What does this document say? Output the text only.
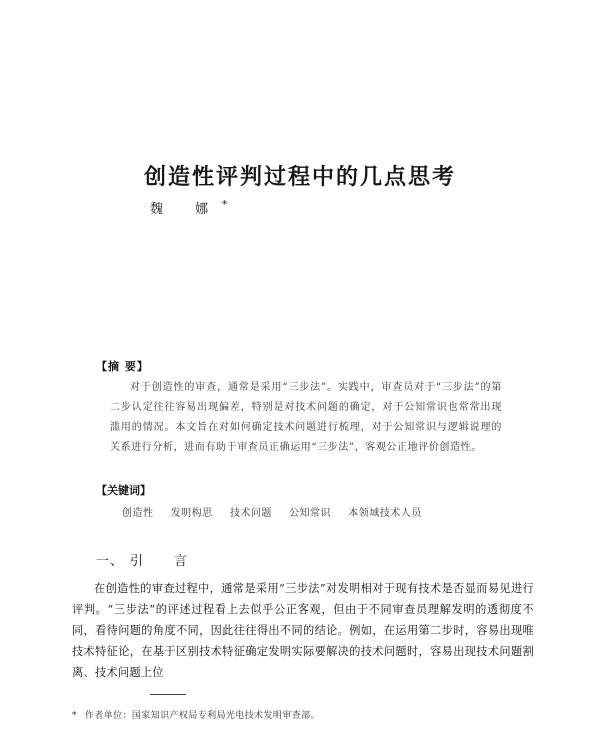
创造性评判过程中的几点思考
魏 娜*
【摘 要】

对于创造性的审查，通常是采用“三步法”。实践中，审查员对于“三步法”的第二步认定往往容易出现偏差，特别是对技术问题的确定，对于公知常识也常常出现滥用的情况。本文旨在对如何确定技术问题进行梳理，对于公知常识与逻辑说理的关系进行分析，进而有助于审查员正确运用“三步法”，客观公正地评价创造性。

【关键词】
创造性 发明构思 技术问题 公知常识 本领域技术人员
一、 引 言

在创造性的审查过程中，通常是采用“三步法”对发明相对于现有技术是否显而易见进行评判。“三步法”的评述过程看上去似乎公正客观，但由于不同审查员理解发明的透彻度不同，看待问题的角度不同，因此往往得出不同的结论。例如，在运用第二步时，容易出现唯技术特征论，在基于区别技术特征确定发明实际要解决的技术问题时，容易出现技术问题割离、技术问题上位

* 作者单位：国家知识产权局专利局光电技术发明审查部。
